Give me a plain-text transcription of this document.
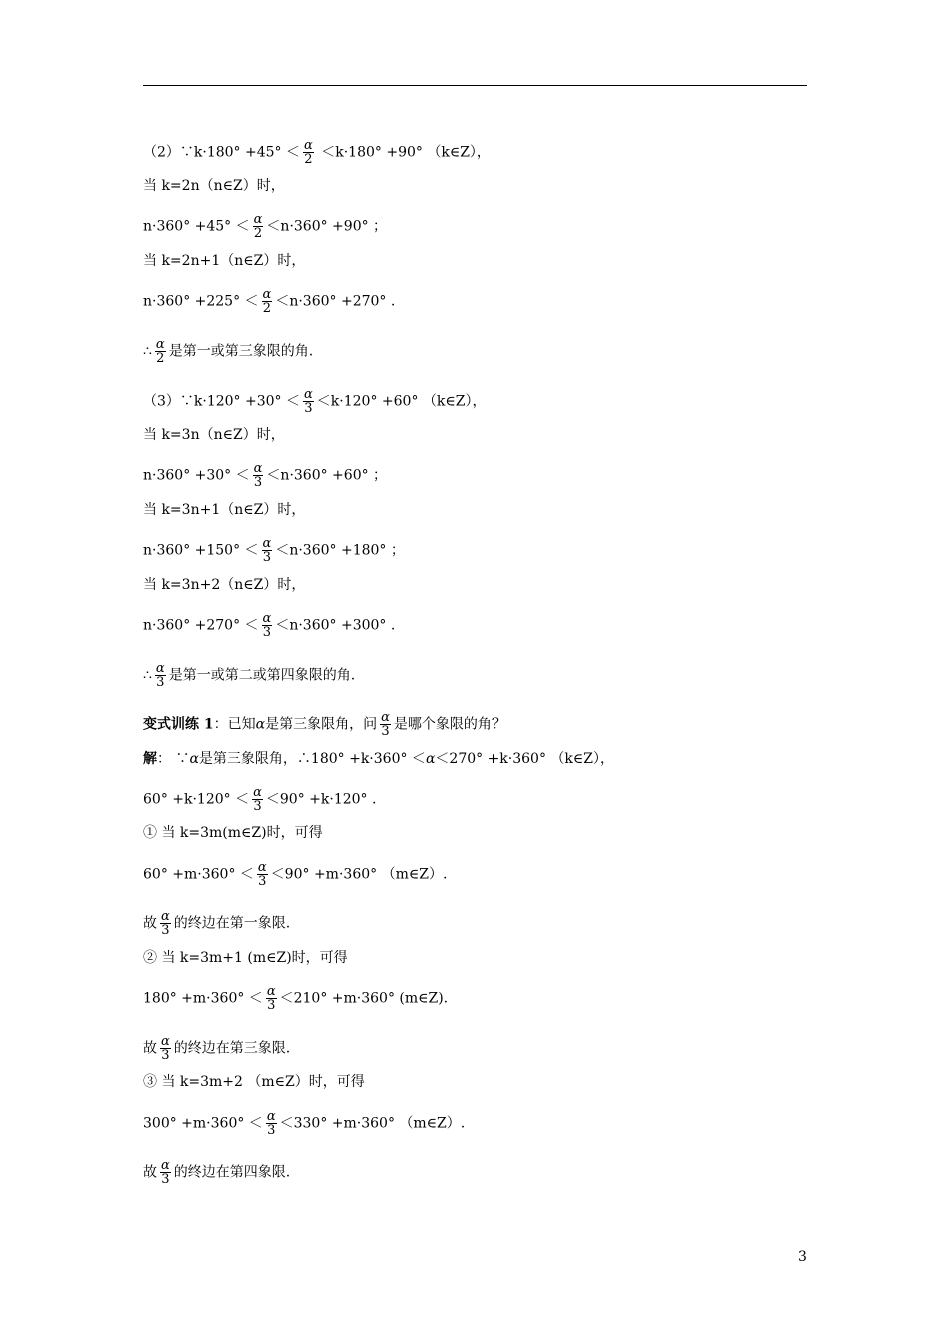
（2）∵k·180° $+45^\circ < \frac{\alpha}{2} <k\cdot 180^\circ +90^\circ$ （k∈Z），
当 k=2n（n∈Z）时，
$n\cdot 360^\circ +45^\circ < \frac{\alpha}{2} <n\cdot 360^\circ +90^\circ$ ；
当 k=2n+1（n∈Z）时，
$n\cdot 360^\circ +225^\circ < \frac{\alpha}{2} <n\cdot 360^\circ +270^\circ$ .
∴ $\frac{\alpha}{2}$ 是第一或第三象限的角.
（3）∵k·120° $+30^\circ < \frac{\alpha}{3} <k\cdot 120^\circ +60^\circ$ （k∈Z），
当 k=3n（n∈Z）时，
$n\cdot 360^\circ +30^\circ < \frac{\alpha}{3} <n\cdot 360^\circ +60^\circ$ ；
当 k=3n+1（n∈Z）时，
$n\cdot 360^\circ +150^\circ < \frac{\alpha}{3} <n\cdot 360^\circ +180^\circ$ ；
当 k=3n+2（n∈Z）时，
$n\cdot 360^\circ +270^\circ < \frac{\alpha}{3} <n\cdot 360^\circ +300^\circ$ .
∴ $\frac{\alpha}{3}$ 是第一或第二或第四象限的角.
变式训练 1：已知α是第三象限角，问 $\frac{\alpha}{3}$ 是哪个象限的角？
解： ∵α是第三象限角，∴180° +k·360° ＜α＜270° +k·360° （k∈Z），
$60^\circ +k\cdot 120^\circ < \frac{\alpha}{3} <90^\circ +k\cdot 120^\circ$ .
① 当 k=3m(m∈Z)时，可得
$60^\circ +m\cdot 360^\circ < \frac{\alpha}{3} <90^\circ +m\cdot 360^\circ$ （m∈Z）.
故 $\frac{\alpha}{3}$ 的终边在第一象限.
② 当 k=3m+1 (m∈Z)时，可得
$180^\circ +m\cdot 360^\circ < \frac{\alpha}{3} <210^\circ +m\cdot 360^\circ$ (m∈Z).
故 $\frac{\alpha}{3}$ 的终边在第三象限.
③ 当 k=3m+2 （m∈Z）时，可得
$300^\circ +m\cdot 360^\circ < \frac{\alpha}{3} <330^\circ +m\cdot 360^\circ$ （m∈Z）.
故 $\frac{\alpha}{3}$ 的终边在第四象限.
3
